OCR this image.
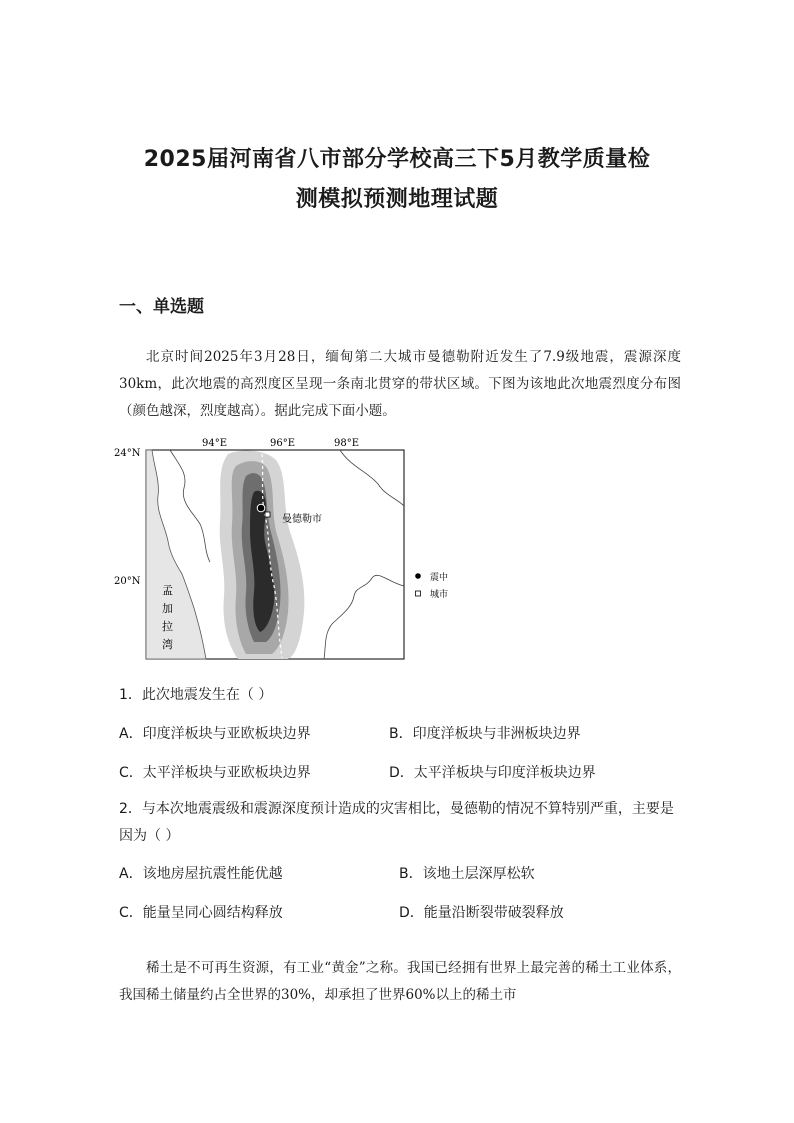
2025届河南省八市部分学校高三下5月教学质量检
测模拟预测地理试题
一、单选题
北京时间2025年3月28日，缅甸第二大城市曼德勒附近发生了7.9级地震，震源深度30km，此次地震的高烈度区呈现一条南北贯穿的带状区域。下图为该地此次地震烈度分布图（颜色越深，烈度越高）。据此完成下面小题。
曼德勒市
94°E	96°E	98°E
24°N
20°N
孟
加
拉
湾
震中
城市
1．此次地震发生在（ ）
A．印度洋板块与亚欧板块边界	B．印度洋板块与非洲板块边界
C．太平洋板块与亚欧板块边界	D．太平洋板块与印度洋板块边界
2．与本次地震震级和震源深度预计造成的灾害相比，曼德勒的情况不算特别严重，主要是因为（ ）
A．该地房屋抗震性能优越	B．该地土层深厚松软
C．能量呈同心圆结构释放	D．能量沿断裂带破裂释放
稀土是不可再生资源，有工业“黄金”之称。我国已经拥有世界上最完善的稀土工业体系，我国稀土储量约占全世界的30%，却承担了世界60%以上的稀土市
